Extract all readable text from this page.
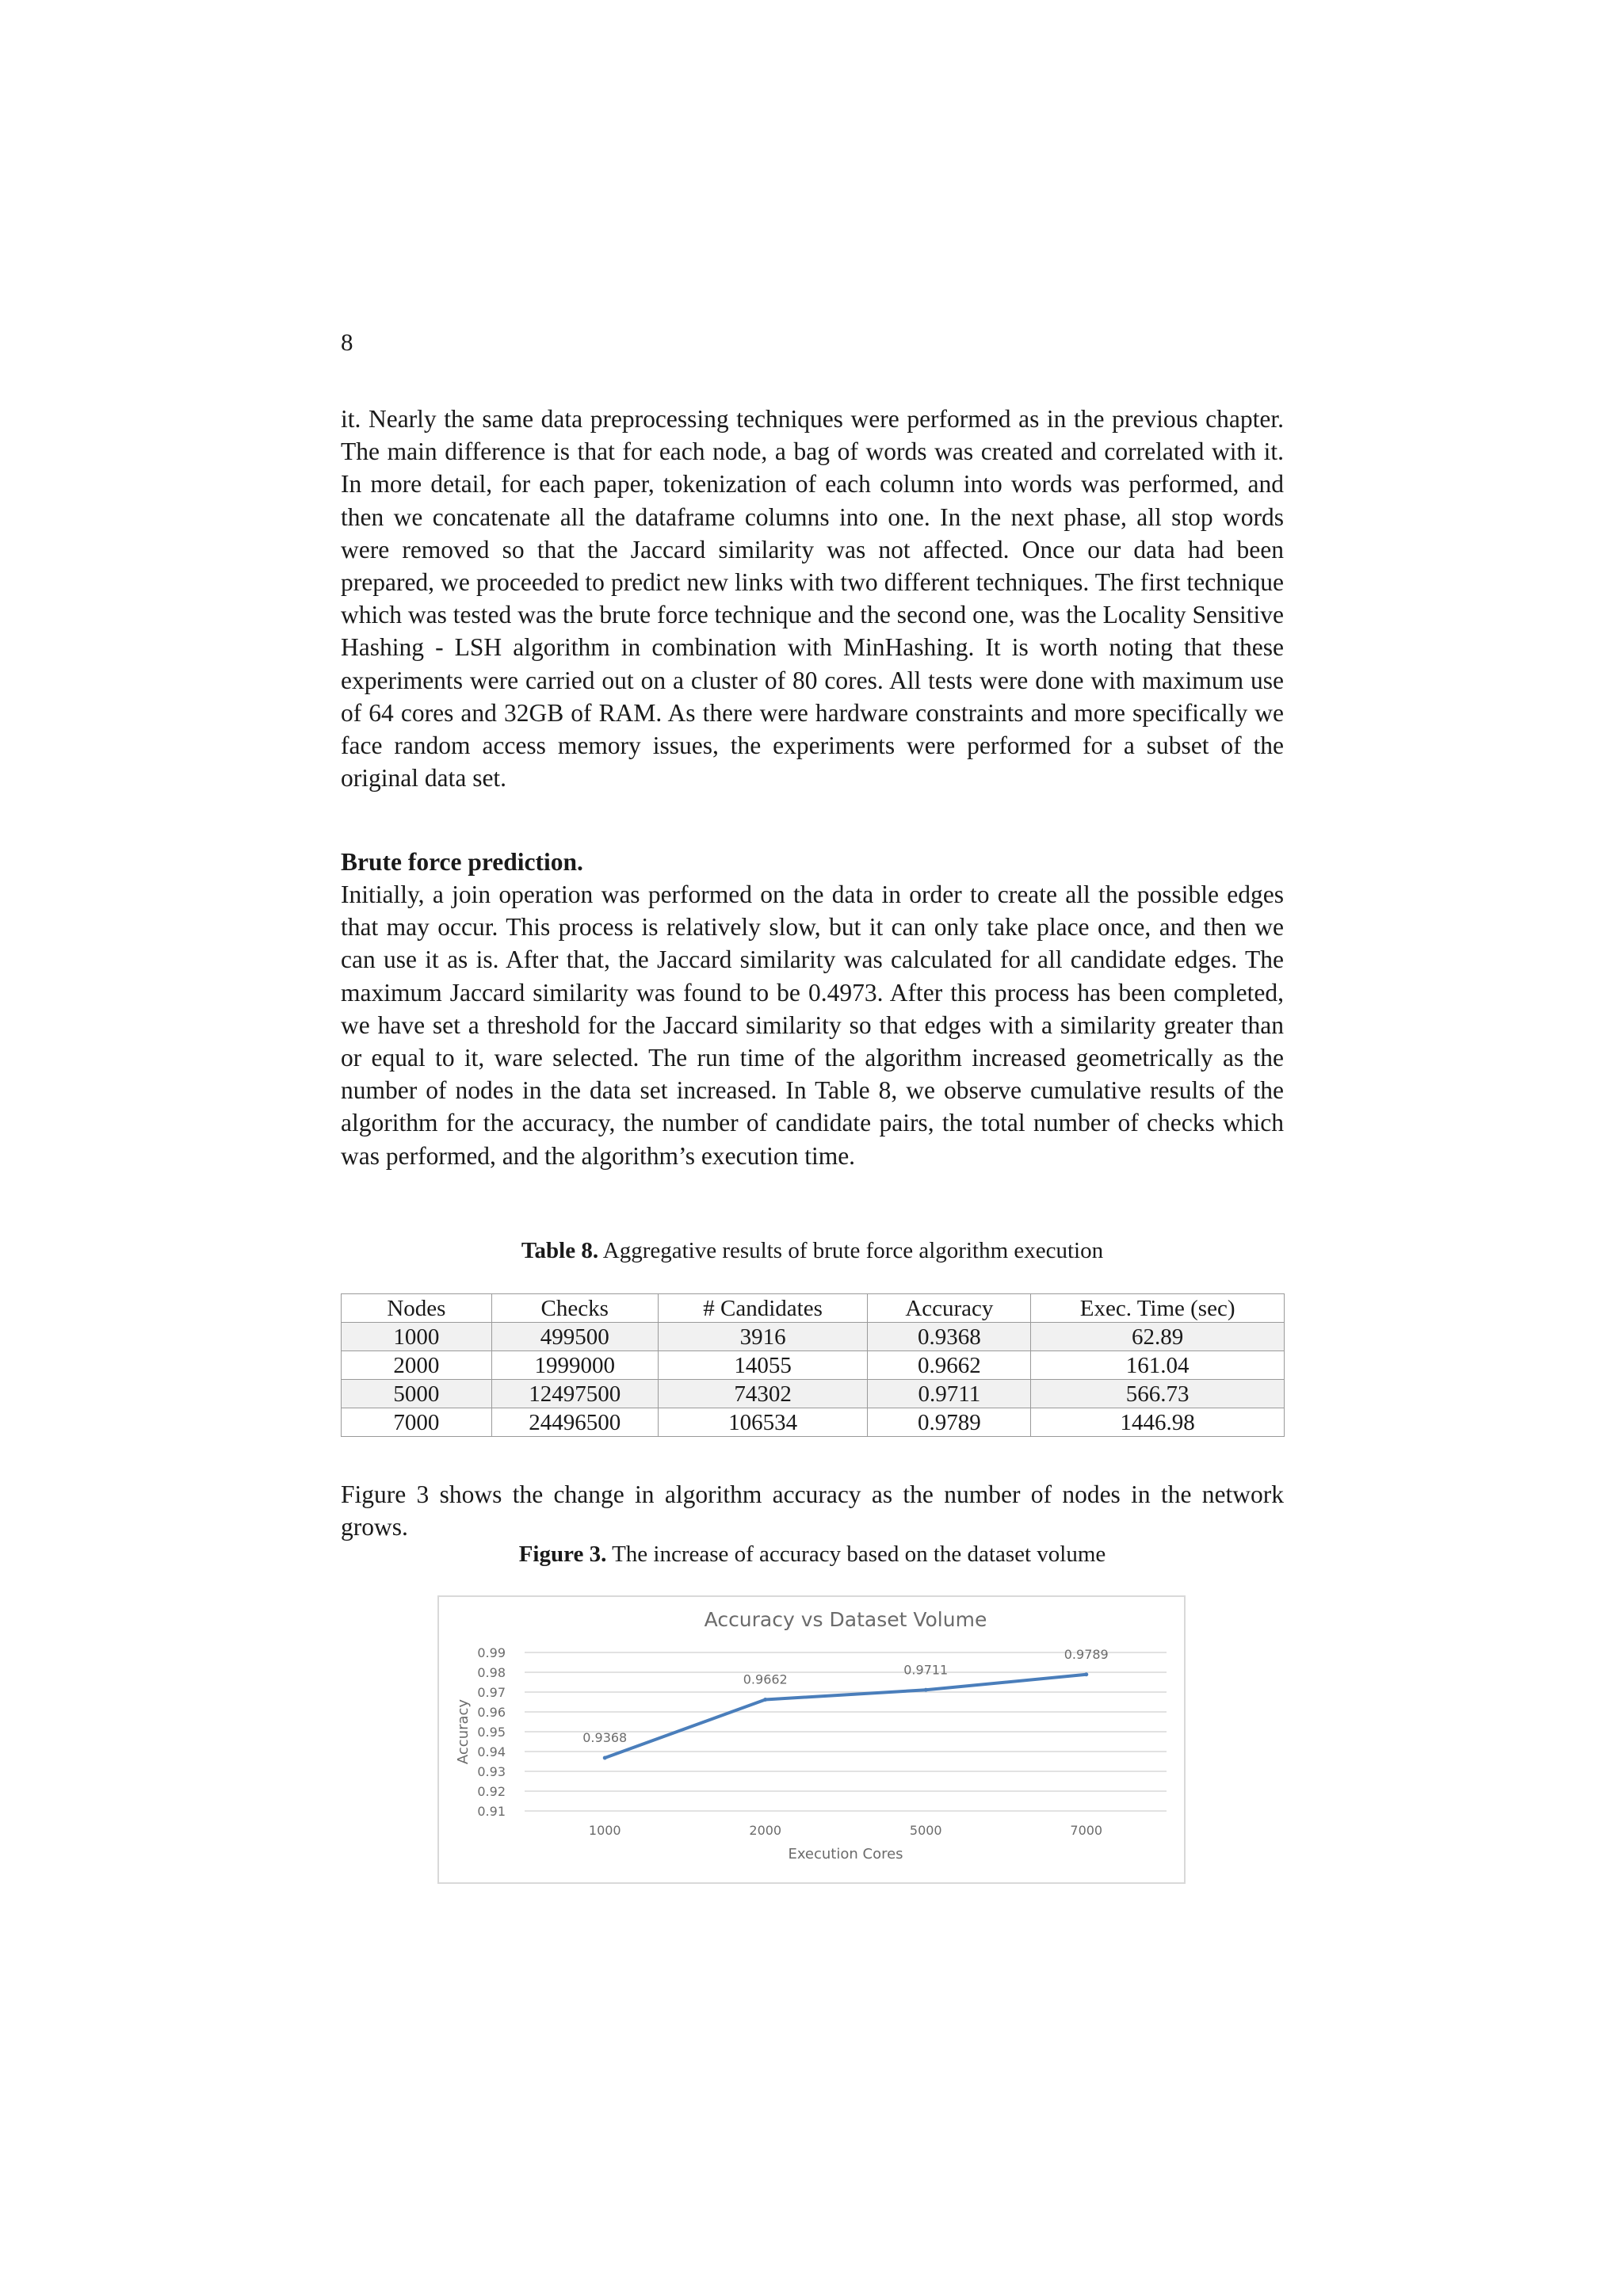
8

it. Nearly the same data preprocessing techniques were performed as in the previous chapter. The main difference is that for each node, a bag of words was created and correlated with it. In more detail, for each paper, tokenization of each column into words was performed, and then we concatenate all the dataframe columns into one. In the next phase, all stop words were removed so that the Jaccard similarity was not affected. Once our data had been prepared, we proceeded to predict new links with two different techniques. The first technique which was tested was the brute force technique and the second one, was the Locality Sensitive Hashing - LSH algorithm in combination with MinHashing. It is worth noting that these experiments were carried out on a cluster of 80 cores. All tests were done with maximum use of 64 cores and 32GB of RAM. As there were hardware constraints and more specifically we face random access memory issues, the experiments were performed for a subset of the original data set.

Brute force prediction.

Initially, a join operation was performed on the data in order to create all the possible edges that may occur. This process is relatively slow, but it can only take place once, and then we can use it as is. After that, the Jaccard similarity was calculated for all candidate edges. The maximum Jaccard similarity was found to be 0.4973. After this process has been completed, we have set a threshold for the Jaccard similarity so that edges with a similarity greater than or equal to it, ware selected. The run time of the algorithm increased geometrically as the number of nodes in the data set increased. In Table 8, we observe cumulative results of the algorithm for the accuracy, the number of candidate pairs, the total number of checks which was performed, and the algorithm’s execution time.

Table 8. Aggregative results of brute force algorithm execution

Nodes	Checks	# Candidates	Accuracy	Exec. Time (sec)
1000	499500	3916	0.9368	62.89
2000	1999000	14055	0.9662	161.04
5000	12497500	74302	0.9711	566.73
7000	24496500	106534	0.9789	1446.98

Figure 3 shows the change in algorithm accuracy as the number of nodes in the network grows.

Figure 3. The increase of accuracy based on the dataset volume

Accuracy vs Dataset Volume
0.99
0.98
0.97
0.96
0.95
0.94
0.93
0.92
0.91
Accuracy
1000	2000	5000	7000
Execution Cores
0.9368
0.9662
0.9711
0.9789
